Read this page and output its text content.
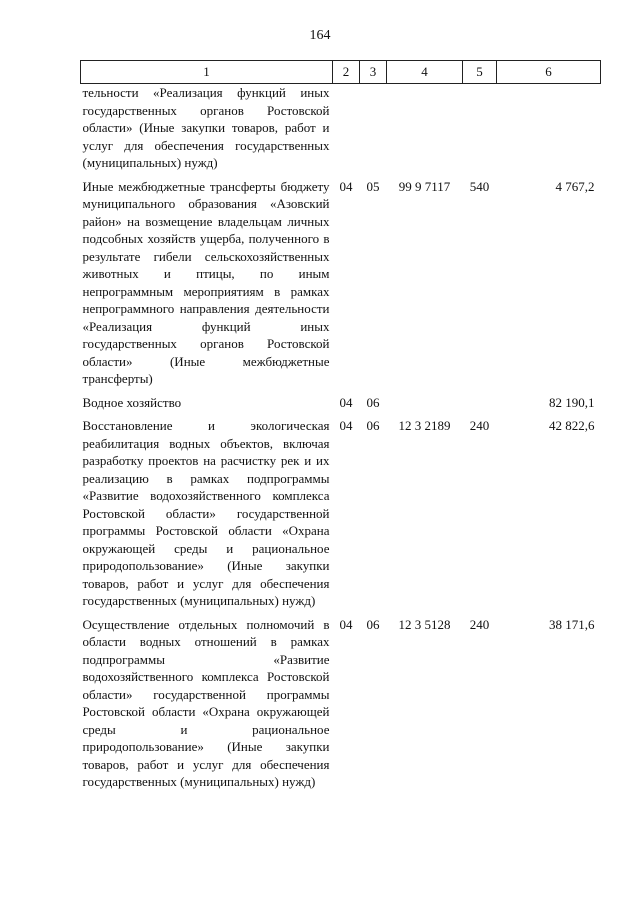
164
1	2	3	4	5	6
тельности «Реализация функций иных государственных органов Ростовской области» (Иные закупки товаров, работ и услуг для обеспечения государственных (муниципальных) нужд)					
Иные межбюджетные трансферты бюджету муниципального образования «Азовский район» на возмещение владельцам личных подсобных хозяйств ущерба, полученного в результате гибели сельскохозяйственных животных и птицы, по иным непрограммным мероприятиям в рамках непрограммного направления деятельности «Реализация функций иных государственных органов Ростовской области» (Иные межбюджетные трансферты)	04	05	99 9 7117	540	4 767,2
Водное хозяйство	04	06			82 190,1
Восстановление и экологическая реабилитация водных объектов, включая разработку проектов на расчистку рек и их реализацию в рамках подпрограммы «Развитие водохозяйственного комплекса Ростовской области» государственной программы Ростовской области «Охрана окружающей среды и рациональное природопользование» (Иные закупки товаров, работ и услуг для обеспечения государственных (муниципальных) нужд)	04	06	12 3 2189	240	42 822,6
Осуществление отдельных полномочий в области водных отношений в рамках подпрограммы «Развитие водохозяйственного комплекса Ростовской области» государственной программы Ростовской области «Охрана окружающей среды и рациональное природопользование» (Иные закупки товаров, работ и услуг для обеспечения государственных (муниципальных) нужд)	04	06	12 3 5128	240	38 171,6
